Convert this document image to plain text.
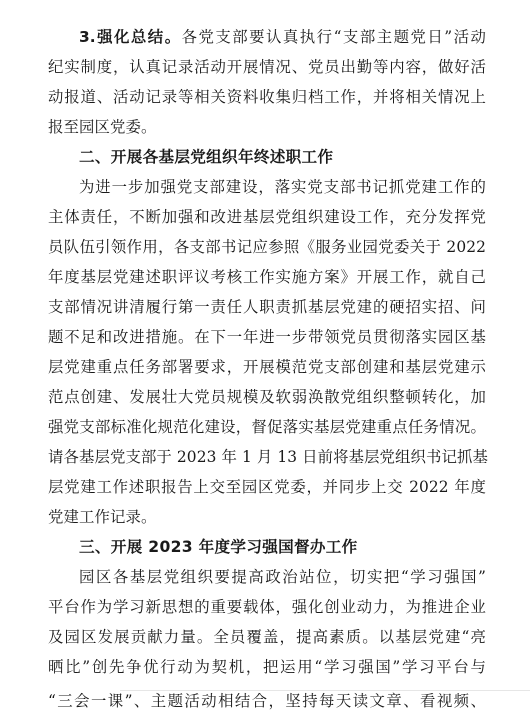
3.强化总结。各党支部要认真执行“支部主题党日”活动
纪实制度，认真记录活动开展情况、党员出勤等内容，做好活
动报道、活动记录等相关资料收集归档工作，并将相关情况上
报至园区党委。
二、开展各基层党组织年终述职工作
为进一步加强党支部建设，落实党支部书记抓党建工作的
主体责任，不断加强和改进基层党组织建设工作，充分发挥党
员队伍引领作用，各支部书记应参照《服务业园党委关于 2022
年度基层党建述职评议考核工作实施方案》开展工作，就自己
支部情况讲清履行第一责任人职责抓基层党建的硬招实招、问
题不足和改进措施。在下一年进一步带领党员贯彻落实园区基
层党建重点任务部署要求，开展模范党支部创建和基层党建示
范点创建、发展壮大党员规模及软弱涣散党组织整顿转化，加
强党支部标准化规范化建设，督促落实基层党建重点任务情况。
请各基层党支部于 2023 年 1 月 13 日前将基层党组织书记抓基
层党建工作述职报告上交至园区党委，并同步上交 2022 年度
党建工作记录。
三、开展 2023 年度学习强国督办工作
园区各基层党组织要提高政治站位，切实把“学习强国”
平台作为学习新思想的重要载体，强化创业动力，为推进企业
及园区发展贡献力量。全员覆盖，提高素质。以基层党建“亮
晒比”创先争优行动为契机，把运用“学习强国”学习平台与
“三会一课”、主题活动相结合，坚持每天读文章、看视频、
